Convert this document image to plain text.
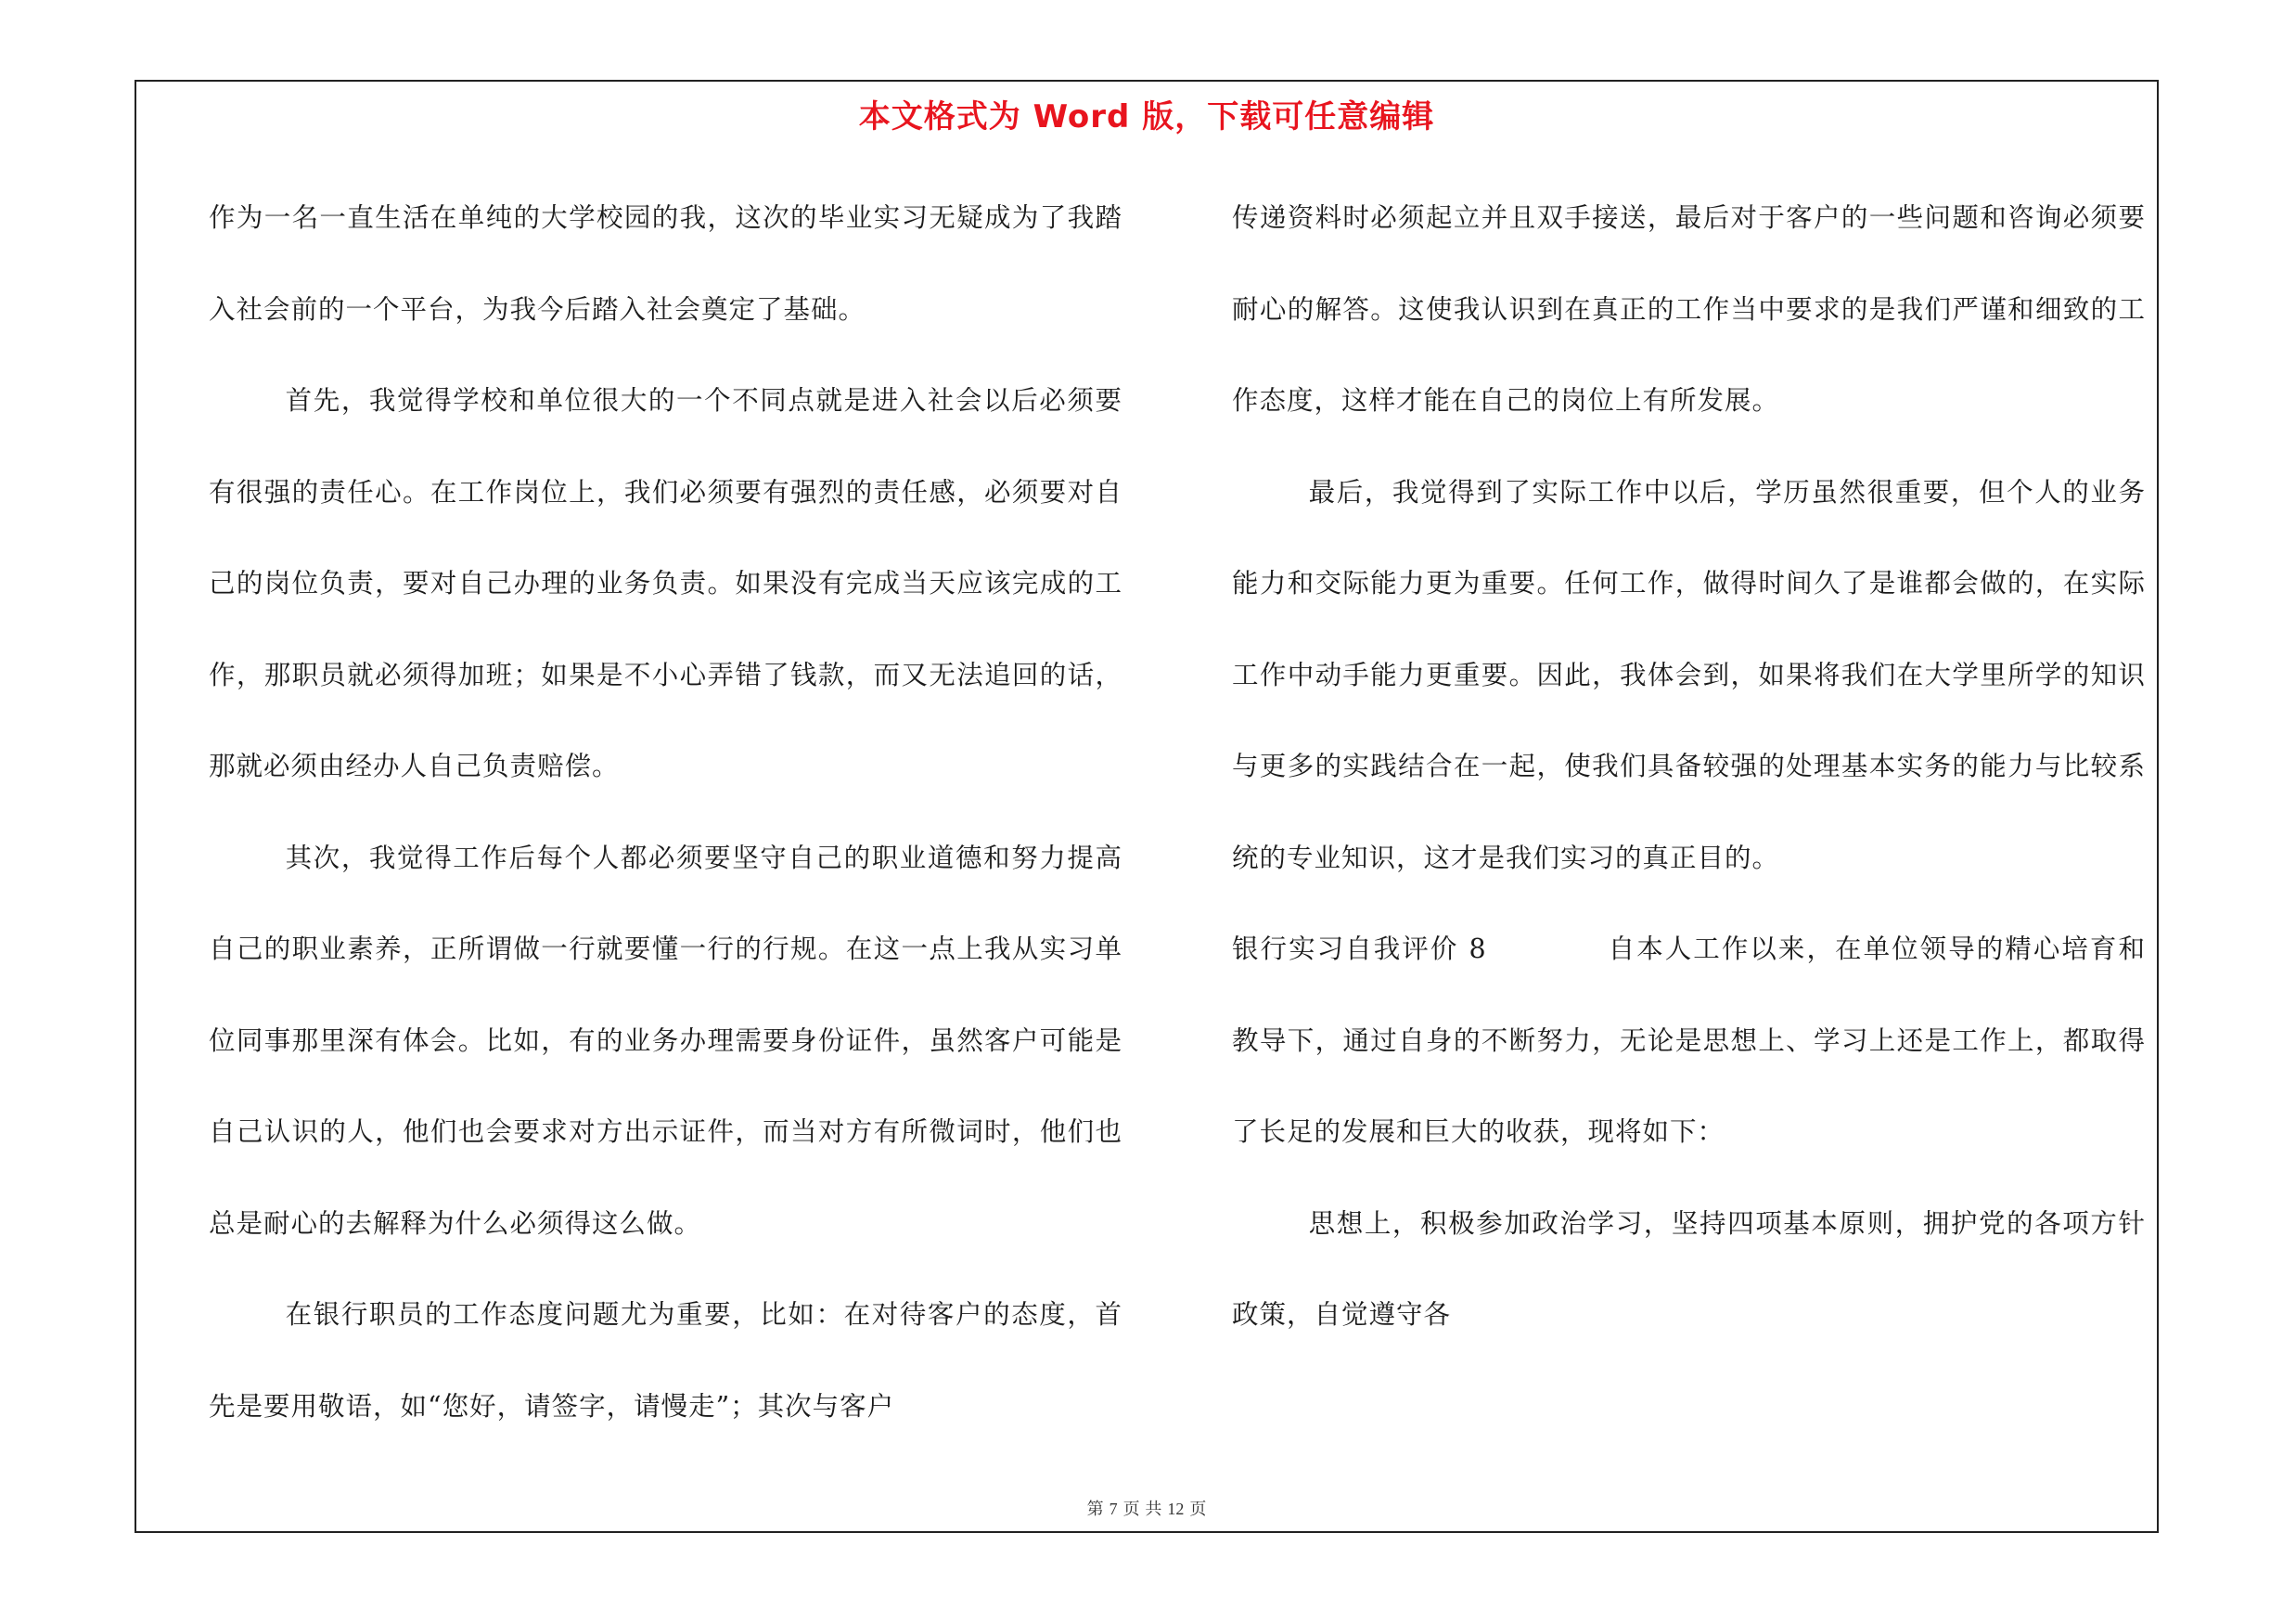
本文格式为 Word 版，下载可任意编辑

作为一名一直生活在单纯的大学校园的我，这次的毕业实习无疑成为了我踏入社会前的一个平台，为我今后踏入社会奠定了基础。

首先，我觉得学校和单位很大的一个不同点就是进入社会以后必须要有很强的责任心。在工作岗位上，我们必须要有强烈的责任感，必须要对自己的岗位负责，要对自己办理的业务负责。如果没有完成当天应该完成的工作，那职员就必须得加班；如果是不小心弄错了钱款，而又无法追回的话，那就必须由经办人自己负责赔偿。

其次，我觉得工作后每个人都必须要坚守自己的职业道德和努力提高自己的职业素养，正所谓做一行就要懂一行的行规。在这一点上我从实习单位同事那里深有体会。比如，有的业务办理需要身份证件，虽然客户可能是自己认识的人，他们也会要求对方出示证件，而当对方有所微词时，他们也总是耐心的去解释为什么必须得这么做。

在银行职员的工作态度问题尤为重要，比如：在对待客户的态度，首先是要用敬语，如“您好，请签字，请慢走”；其次与客户

传递资料时必须起立并且双手接送，最后对于客户的一些问题和咨询必须要耐心的解答。这使我认识到在真正的工作当中要求的是我们严谨和细致的工作态度，这样才能在自己的岗位上有所发展。

最后，我觉得到了实际工作中以后，学历虽然很重要，但个人的业务能力和交际能力更为重要。任何工作，做得时间久了是谁都会做的，在实际工作中动手能力更重要。因此，我体会到，如果将我们在大学里所学的知识与更多的实践结合在一起，使我们具备较强的处理基本实务的能力与比较系统的专业知识，这才是我们实习的真正目的。

银行实习自我评价 8	自本人工作以来，在单位领导的精心培育和教导下，通过自身的不断努力，无论是思想上、学习上还是工作上，都取得了长足的发展和巨大的收获，现将如下：

思想上，积极参加政治学习，坚持四项基本原则，拥护党的各项方针政策，自觉遵守各

第 7 页 共 12 页
